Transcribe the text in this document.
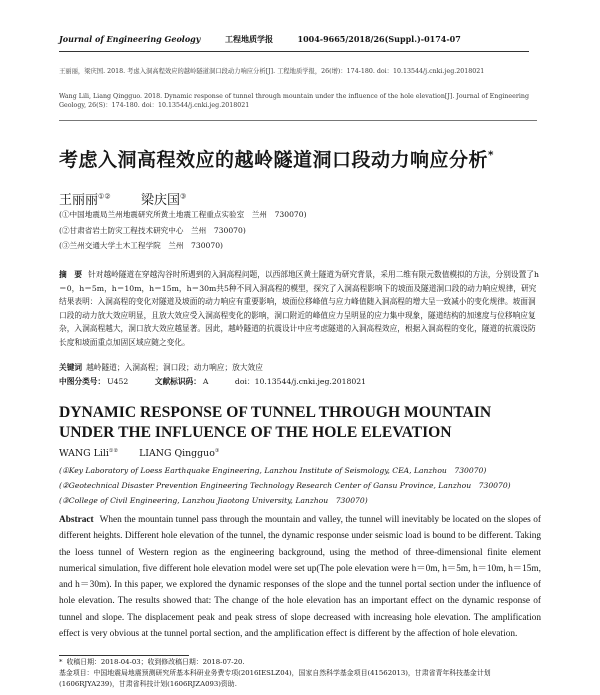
Journal of Engineering Geology	工程地质学报	1004-9665/2018/26(Suppl.)-0174-07
王丽丽，梁庆国. 2018. 考虑入洞高程效应的越岭隧道洞口段动力响应分析[J]. 工程地质学报，26(增)：174-180. doi：10.13544/j.cnki.jeg.2018021
Wang Lili, Liang Qingguo. 2018. Dynamic response of tunnel through mountain under the influence of the hole elevation[J]. Journal of Engineering Geology, 26(S)：174-180. doi：10.13544/j.cnki.jeg.2018021
考虑入洞高程效应的越岭隧道洞口段动力响应分析*
王丽丽①② 梁庆国③
(①中国地震局兰州地震研究所黄土地震工程重点实验室　兰州　730070)
(②甘肃省岩土防灾工程技术研究中心　兰州　730070)
(③兰州交通大学土木工程学院　兰州　730070)
摘　要 针对越岭隧道在穿越沟谷时所遇到的入洞高程问题，以西部地区黄土隧道为研究背景，采用二维有限元数值模拟的方法，分别设置了h＝0，h＝5m，h＝10m，h＝15m，h＝30m共5种不同入洞高程的模型，探究了入洞高程影响下的坡面及隧道洞口段的动力响应规律，研究结果表明：入洞高程的变化对隧道及坡面的动力响应有重要影响，坡面位移峰值与应力峰值随入洞高程的增大呈一致减小的变化规律。坡面洞口段的动力放大效应明显，且放大效应受入洞高程变化的影响，洞口附近的峰值应力呈明显的应力集中现象，隧道结构的加速度与位移响应复杂，入洞高程越大，洞口放大效应越显著。因此，越岭隧道的抗震设计中应考虑隧道的入洞高程效应，根据入洞高程的变化，隧道的抗震设防长度和坡面重点加固区域应随之变化。
关键词 越岭隧道；入洞高程；洞口段；动力响应；放大效应
中图分类号： U452	文献标识码： A	doi：10.13544/j.cnki.jeg.2018021
DYNAMIC RESPONSE OF TUNNEL THROUGH MOUNTAIN UNDER THE INFLUENCE OF THE HOLE ELEVATION
WANG Lili①② LIANG Qingguo③
(①Key Laboratory of Loess Earthquake Engineering, Lanzhou Institute of Seismology, CEA, Lanzhou　730070)
(②Geotechnical Disaster Prevention Engineering Technology Research Center of Gansu Province, Lanzhou　730070)
(③College of Civil Engineering, Lanzhou Jiaotong University, Lanzhou　730070)
Abstract When the mountain tunnel pass through the mountain and valley, the tunnel will inevitably be located on the slopes of different heights. Different hole elevation of the tunnel, the dynamic response under seismic load is bound to be different. Taking the loess tunnel of Western region as the engineering background, using the method of three-dimensional finite element numerical simulation, five different hole elevation model were set up(The pole elevation were h＝0m, h＝5m, h＝10m, h＝15m, and h＝30m). In this paper, we explored the dynamic responses of the slope and the tunnel portal section under the influence of hole elevation. The results showed that: The change of the hole elevation has an important effect on the dynamic response of tunnel and slope. The displacement peak and peak stress of slope decreased with increasing hole elevation. The amplification effect is very obvious at the tunnel portal section, and the amplification effect is different by the affection of hole elevation.
* 收稿日期：2018-04-03；收到修改稿日期：2018-07-20.
基金项目：中国地震局地震预测研究所基本科研业务费专项(2016IESLZ04)，国家自然科学基金项目(41562013)，甘肃省青年科技基金计划(1606RJYA239)，甘肃省科技计划(1606RJZA093)资助.
